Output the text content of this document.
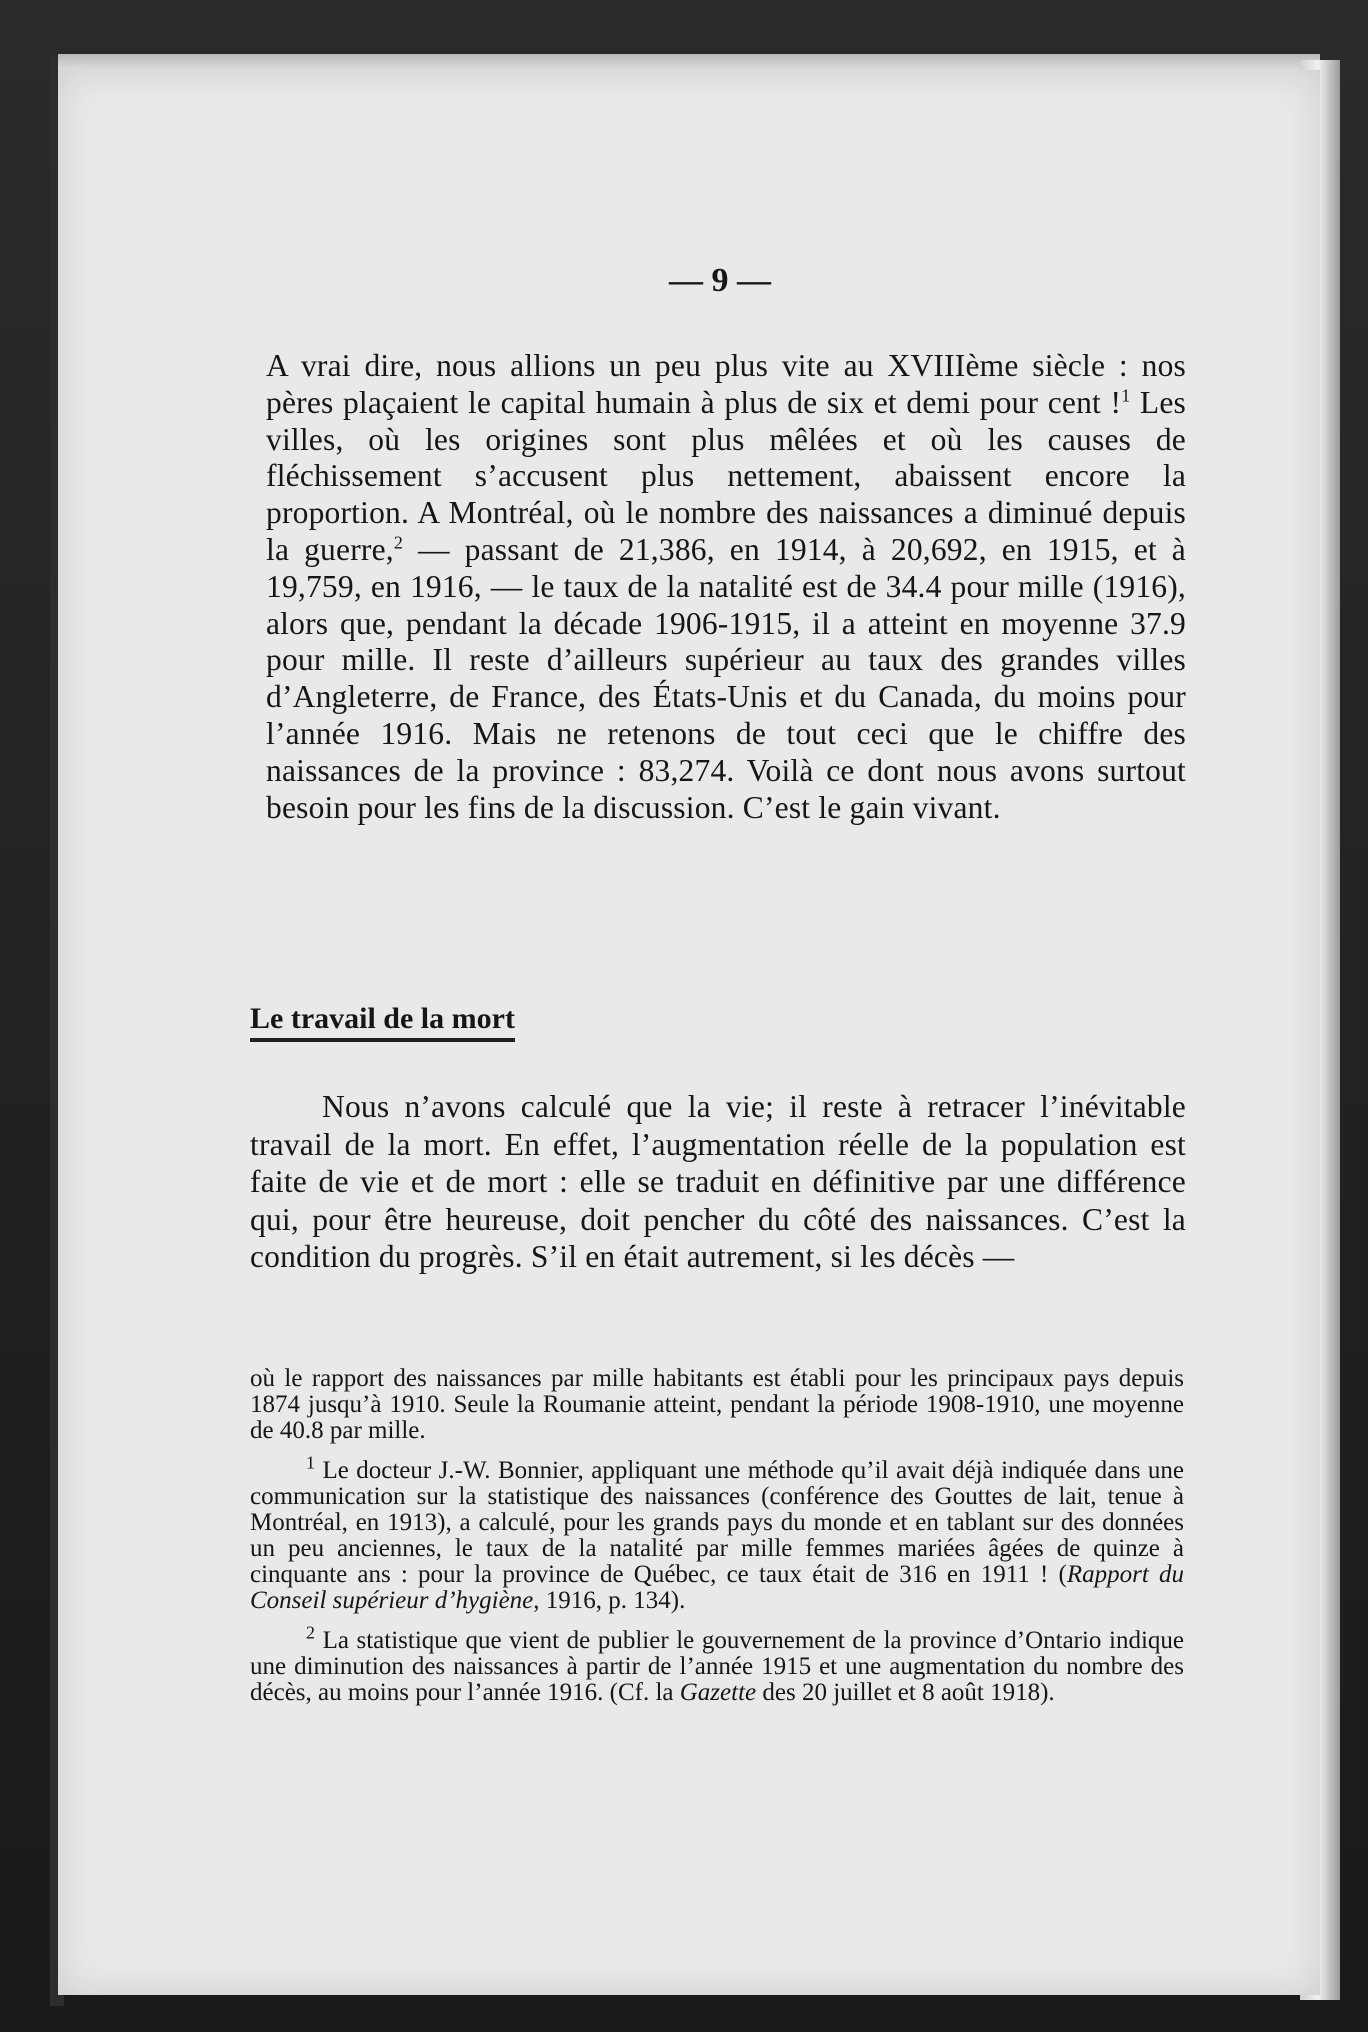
— 9 —

A vrai dire, nous allions un peu plus vite au XVIIIème siècle : nos pères plaçaient le capital humain à plus de six et demi pour cent !$^1$ Les villes, où les origines sont plus mêlées et où les causes de fléchissement s’accusent plus nettement, abaissent encore la proportion. A Montréal, où le nombre des naissances a diminué depuis la guerre,$^2$ — passant de 21,386, en 1914, à 20,692, en 1915, et à 19,759, en 1916, — le taux de la natalité est de 34.4 pour mille (1916), alors que, pendant la décade 1906-1915, il a atteint en moyenne 37.9 pour mille. Il reste d’ailleurs supérieur au taux des grandes villes d’Angleterre, de France, des États-Unis et du Canada, du moins pour l’année 1916. Mais ne retenons de tout ceci que le chiffre des naissances de la province : 83,274. Voilà ce dont nous avons surtout besoin pour les fins de la discussion. C’est le gain vivant.

Le travail de la mort

Nous n’avons calculé que la vie; il reste à retracer l’inévitable travail de la mort. En effet, l’augmentation réelle de la population est faite de vie et de mort : elle se traduit en définitive par une différence qui, pour être heureuse, doit pencher du côté des naissances. C’est la condition du progrès. S’il en était autrement, si les décès —

où le rapport des naissances par mille habitants est établi pour les principaux pays depuis 1874 jusqu’à 1910. Seule la Roumanie atteint, pendant la période 1908-1910, une moyenne de 40.8 par mille.

$^1$ Le docteur J.-W. Bonnier, appliquant une méthode qu’il avait déjà indiquée dans une communication sur la statistique des naissances (conférence des Gouttes de lait, tenue à Montréal, en 1913), a calculé, pour les grands pays du monde et en tablant sur des données un peu anciennes, le taux de la natalité par mille femmes mariées âgées de quinze à cinquante ans : pour la province de Québec, ce taux était de 316 en 1911 ! (Rapport du Conseil supérieur d’hygiène, 1916, p. 134).

$^2$ La statistique que vient de publier le gouvernement de la province d’Ontario indique une diminution des naissances à partir de l’année 1915 et une augmentation du nombre des décès, au moins pour l’année 1916. (Cf. la Gazette des 20 juillet et 8 août 1918).
